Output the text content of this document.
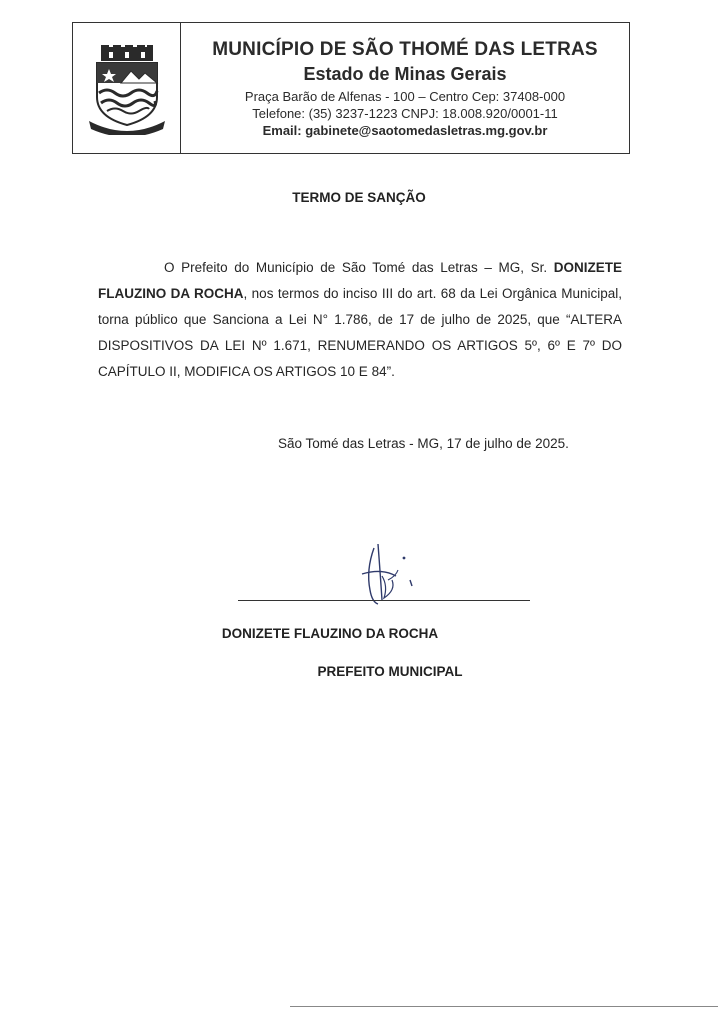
MUNICÍPIO DE SÃO THOMÉ DAS LETRAS
Estado de Minas Gerais
Praça Barão de Alfenas - 100 – Centro Cep: 37408-000
Telefone: (35) 3237-1223 CNPJ: 18.008.920/0001-11
Email: gabinete@saotomedasletras.mg.gov.br
TERMO DE SANÇÃO
O Prefeito do Município de São Tomé das Letras – MG, Sr. DONIZETE FLAUZINO DA ROCHA, nos termos do inciso III do art. 68 da Lei Orgânica Municipal, torna público que Sanciona a Lei N° 1.786, de 17 de julho de 2025, que “ALTERA DISPOSITIVOS DA LEI Nº 1.671, RENUMERANDO OS ARTIGOS 5º, 6º E 7º DO CAPÍTULO II, MODIFICA OS ARTIGOS 10 E 84”.
São Tomé das Letras - MG, 17 de julho de 2025.
DONIZETE FLAUZINO DA ROCHA
PREFEITO MUNICIPAL
